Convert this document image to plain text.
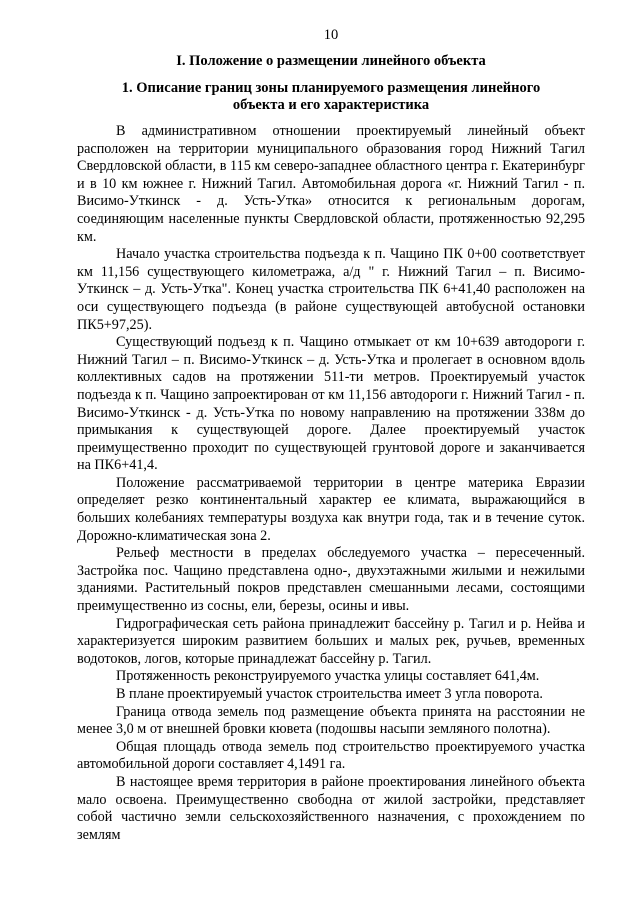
10
I. Положение о размещении линейного объекта
1. Описание границ зоны планируемого размещения линейного объекта и его характеристика

В административном отношении проектируемый линейный объект расположен на территории муниципального образования город Нижний Тагил Свердловской области, в 115 км северо-западнее областного центра г. Екатеринбург и в 10 км южнее г. Нижний Тагил. Автомобильная дорога «г. Нижний Тагил - п. Висимо-Уткинск - д. Усть-Утка» относится к региональным дорогам, соединяющим населенные пункты Свердловской области, протяженностью 92,295 км.

Начало участка строительства подъезда к п. Чащино ПК 0+00 соответствует км 11,156 существующего километража, а/д " г. Нижний Тагил – п. Висимо-Уткинск – д. Усть-Утка". Конец участка строительства ПК 6+41,40 расположен на оси существующего подъезда (в районе существующей автобусной остановки ПК5+97,25).

Существующий подъезд к п. Чащино отмыкает от км 10+639 автодороги г. Нижний Тагил – п. Висимо-Уткинск – д. Усть-Утка и пролегает в основном вдоль коллективных садов на протяжении 511-ти метров. Проектируемый участок подъезда к п. Чащино запроектирован от км 11,156 автодороги г. Нижний Тагил - п. Висимо-Уткинск - д. Усть-Утка по новому направлению на протяжении 338м до примыкания к существующей дороге. Далее проектируемый участок преимущественно проходит по существующей грунтовой дороге и заканчивается на ПК6+41,4.

Положение рассматриваемой территории в центре материка Евразии определяет резко континентальный характер ее климата, выражающийся в больших колебаниях температуры воздуха как внутри года, так и в течение суток. Дорожно-климатическая зона 2.

Рельеф местности в пределах обследуемого участка – пересеченный. Застройка пос. Чащино представлена одно-, двухэтажными жилыми и нежилыми зданиями. Растительный покров представлен смешанными лесами, состоящими преимущественно из сосны, ели, березы, осины и ивы.

Гидрографическая сеть района принадлежит бассейну р. Тагил и р. Нейва и характеризуется широким развитием больших и малых рек, ручьев, временных водотоков, логов, которые принадлежат бассейну р. Тагил.

Протяженность реконструируемого участка улицы составляет 641,4м.

В плане проектируемый участок строительства имеет 3 угла поворота.

Граница отвода земель под размещение объекта принята на расстоянии не менее 3,0 м от внешней бровки кювета (подошвы насыпи земляного полотна).

Общая площадь отвода земель под строительство проектируемого участка автомобильной дороги составляет 4,1491 га.

В настоящее время территория в районе проектирования линейного объекта мало освоена. Преимущественно свободна от жилой застройки, представляет собой частично земли сельскохозяйственного назначения, с прохождением по землям
